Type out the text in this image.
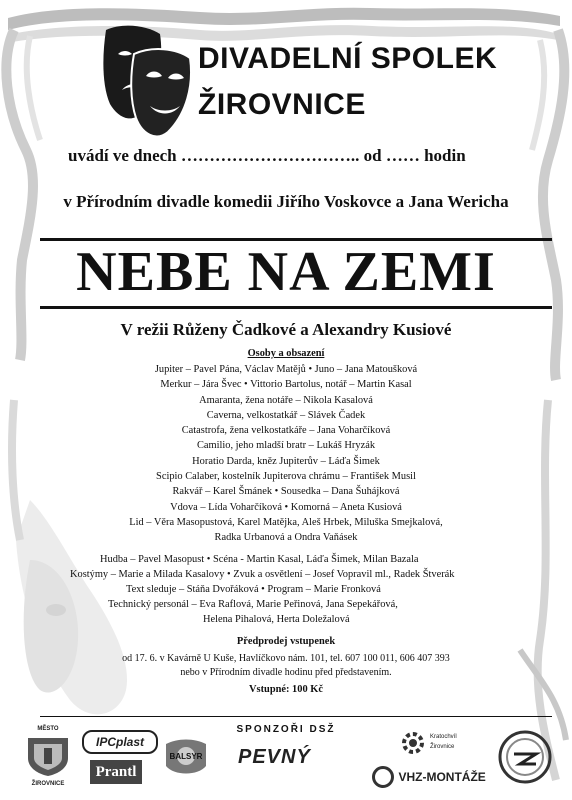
DIVADELNÍ SPOLEK
ŽIROVNICE
uvádí ve dnech ………………………….. od …… hodin
v Přírodním divadle komedii Jiřího Voskovce a Jana Wericha
NEBE NA ZEMI
V režii Růženy Čadkové a Alexandry Kusiové
Osoby a obsazení
Jupiter – Pavel Pána, Václav Matějů • Juno – Jana Matoušková
Merkur – Jára Švec • Vittorio Bartolus, notář – Martin Kasal
Amaranta, žena notáře – Nikola Kasalová
Caverna, velkostatkář – Slávek Čadek
Catastrofa, žena velkostatkáře – Jana Voharčíková
Camilio, jeho mladší bratr – Lukáš Hryzák
Horatio Darda, kněz Jupiterův – Láďa Šimek
Scipio Calaber, kostelník Jupiterova chrámu – František Musil
Rakvář – Karel Šmánek • Sousedka – Dana Šuhájková
Vdova – Lída Voharčíková • Komorná – Aneta Kusiová
Lid – Věra Masopustová, Karel Matějka, Aleš Hrbek, Miluška Smejkalová,
Radka Urbanová a Ondra Vaňásek
Hudba – Pavel Masopust • Scéna - Martin Kasal, Láďa Šimek, Milan Bazala
Kostýmy – Marie a Milada Kasalovy • Zvuk a osvětlení – Josef Vopravil ml., Radek Štverák
Text sleduje – Stáňa Dvořáková • Program – Marie Fronková
Technický personál – Eva Raflová, Marie Peřinová, Jana Sepekářová,
Helena Pihalová, Herta Doležalová
Předprodej vstupenek
od 17. 6. v Kavárně U Kuše, Havlíčkovo nám. 101, tel. 607 100 011, 606 407 393
nebo v Přírodním divadle hodinu před představením.
Vstupné: 100 Kč
SPONZOŘI DSŽ
MĚSTO
ŽIROVNICE
IPCplast
Prantl
BALSYR	PEVNÝ
VHZ-MONTÁŽE
Kratochvíl
Žirovnice
